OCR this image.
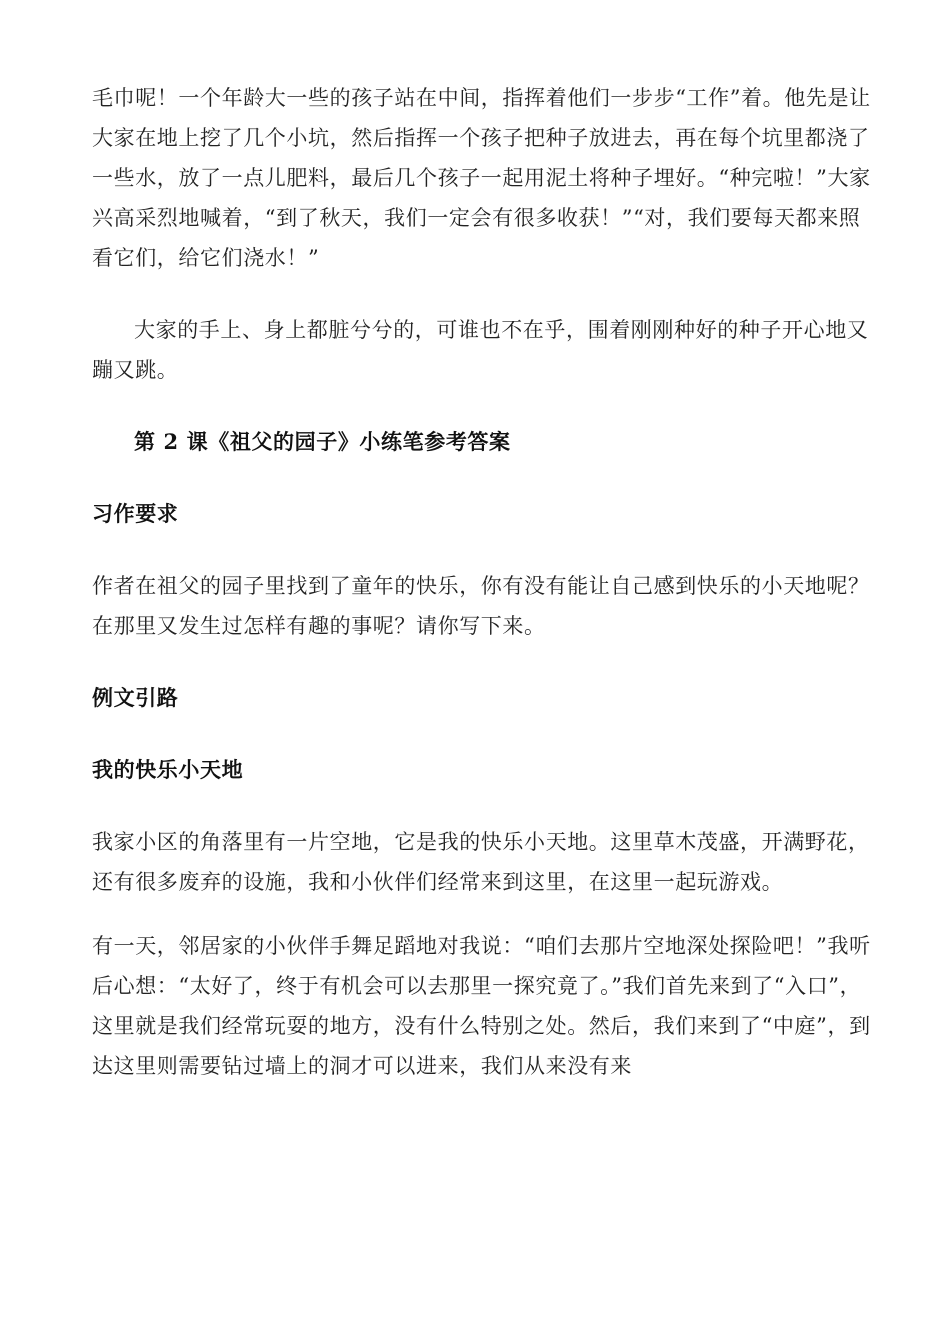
毛巾呢！一个年龄大一些的孩子站在中间，指挥着他们一步步“工作”着。他先是让大家在地上挖了几个小坑，然后指挥一个孩子把种子放进去，再在每个坑里都浇了一些水，放了一点儿肥料，最后几个孩子一起用泥土将种子埋好。“种完啦！”大家兴高采烈地喊着，“到了秋天，我们一定会有很多收获！”“对，我们要每天都来照看它们，给它们浇水！”

大家的手上、身上都脏兮兮的，可谁也不在乎，围着刚刚种好的种子开心地又蹦又跳。

第 2 课《祖父的园子》小练笔参考答案

习作要求

作者在祖父的园子里找到了童年的快乐，你有没有能让自己感到快乐的小天地呢？在那里又发生过怎样有趣的事呢？请你写下来。

例文引路

我的快乐小天地

我家小区的角落里有一片空地，它是我的快乐小天地。这里草木茂盛，开满野花，还有很多废弃的设施，我和小伙伴们经常来到这里，在这里一起玩游戏。

有一天，邻居家的小伙伴手舞足蹈地对我说：“咱们去那片空地深处探险吧！”我听后心想：“太好了，终于有机会可以去那里一探究竟了。”我们首先来到了“入口”，这里就是我们经常玩耍的地方，没有什么特别之处。然后，我们来到了“中庭”，到达这里则需要钻过墙上的洞才可以进来，我们从来没有来
